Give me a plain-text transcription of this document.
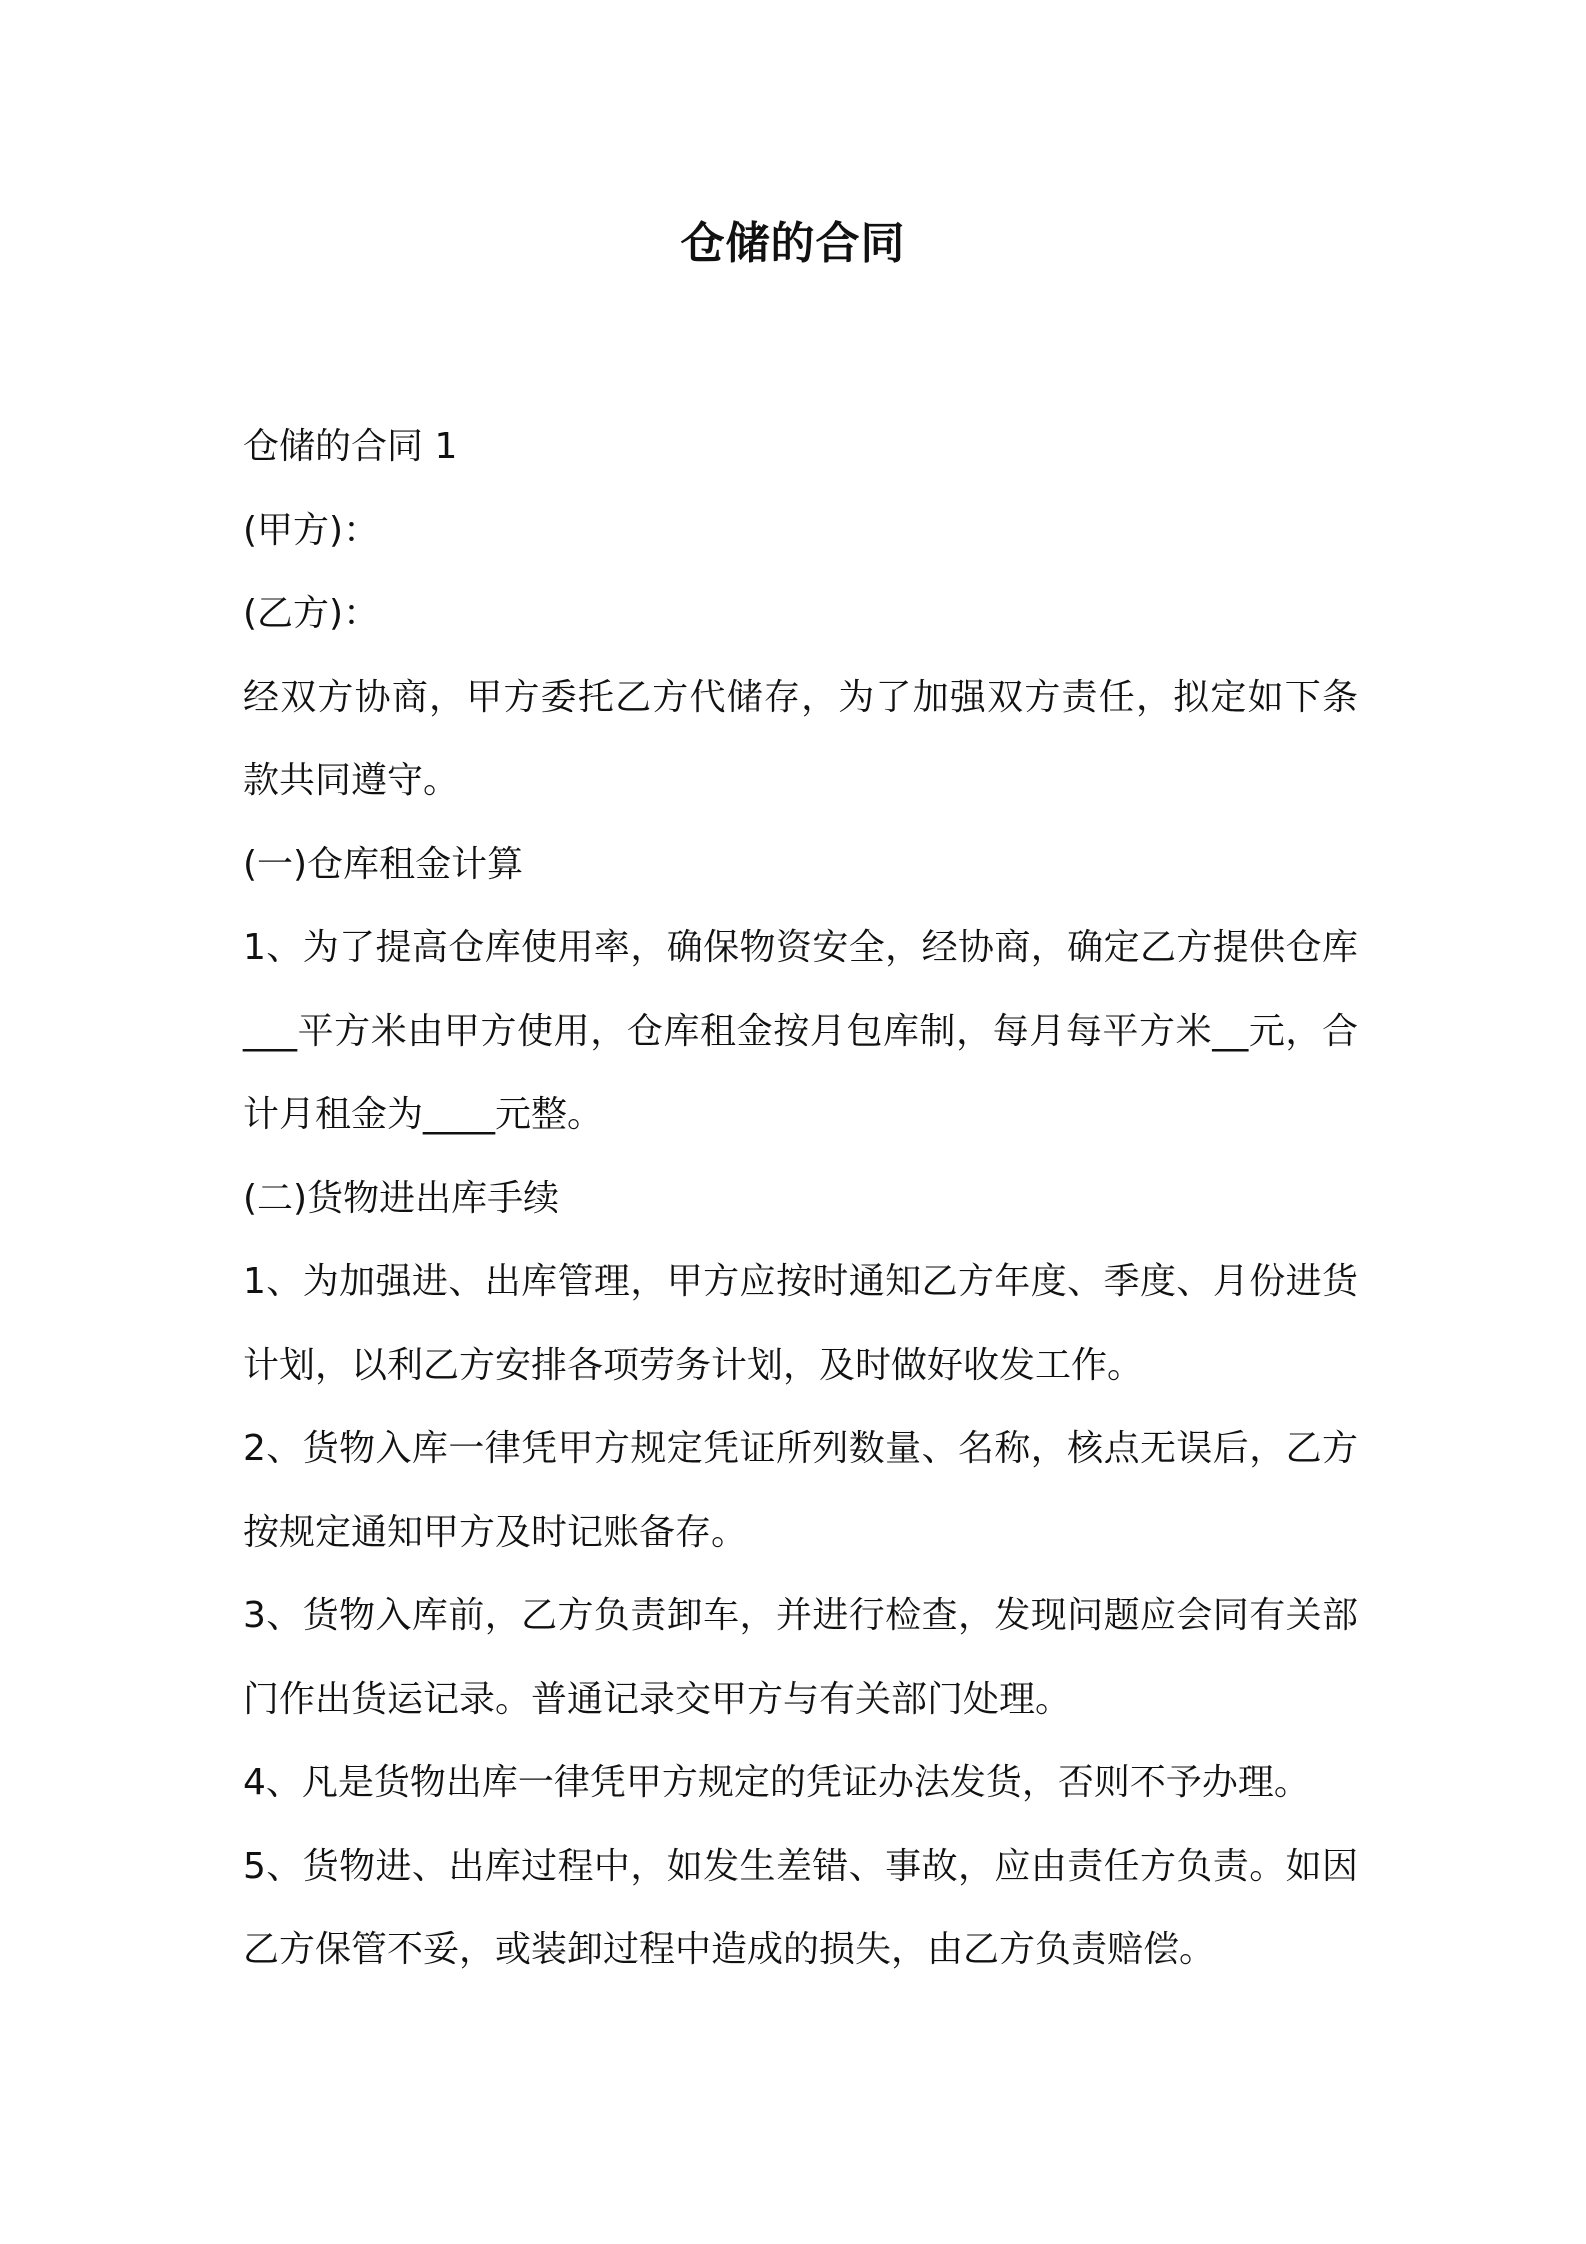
仓储的合同

仓储的合同 1

(甲方)：

(乙方)：

经双方协商，甲方委托乙方代储存，为了加强双方责任，拟定如下条款共同遵守。

(一)仓库租金计算

1、为了提高仓库使用率，确保物资安全，经协商，确定乙方提供仓库___平方米由甲方使用，仓库租金按月包库制，每月每平方米__元，合计月租金为____元整。

(二)货物进出库手续

1、为加强进、出库管理，甲方应按时通知乙方年度、季度、月份进货计划，以利乙方安排各项劳务计划，及时做好收发工作。

2、货物入库一律凭甲方规定凭证所列数量、名称，核点无误后，乙方按规定通知甲方及时记账备存。

3、货物入库前，乙方负责卸车，并进行检查，发现问题应会同有关部门作出货运记录。普通记录交甲方与有关部门处理。

4、凡是货物出库一律凭甲方规定的凭证办法发货，否则不予办理。

5、货物进、出库过程中，如发生差错、事故，应由责任方负责。如因乙方保管不妥，或装卸过程中造成的损失，由乙方负责赔偿。
